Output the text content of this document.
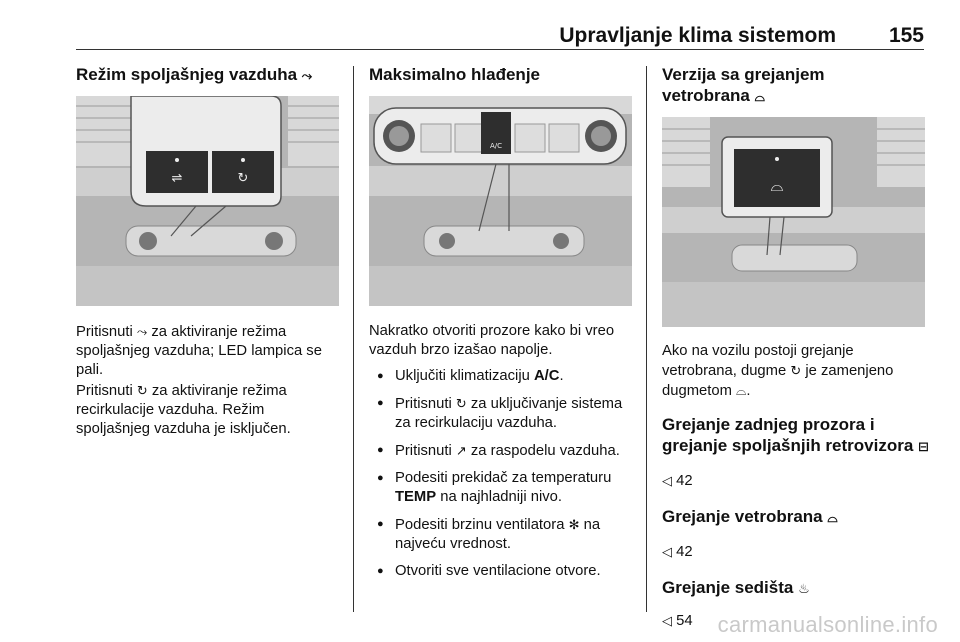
Upravljanje klima sistemom	155
Režim spoljašnjeg vazduha ⤳
⇌	↻

Pritisnuti ⤳ za aktiviranje režima spoljašnjeg vazduha; LED lampica se pali.

Pritisnuti ↻ za aktiviranje režima recirkulacije vazduha. Režim spoljašnjeg vazduha je isključen.

Maksimalno hlađenje
A/C

Nakratko otvoriti prozore kako bi vreo vazduh brzo izašao napolje.

● Uključiti klimatizaciju A/C.
● Pritisnuti ↻ za uključivanje sistema za recirkulaciju vazduha.
● Pritisnuti ↗ za raspodelu vazduha.
● Podesiti prekidač za temperaturu TEMP na najhladniji nivo.
● Podesiti brzinu ventilatora ✻ na najveću vrednost.
● Otvoriti sve ventilacione otvore.
Verzija sa grejanjem
vetrobrana ⌓
⌓

Ako na vozilu postoji grejanje vetrobrana, dugme ↻ je zamenjeno dugmetom ⌓.

Grejanje zadnjeg prozora i
grejanje spoljašnjih retrovizora ⊟

◁ 42

Grejanje vetrobrana ⌓

◁ 42

Grejanje sedišta ♨

◁ 54	carmanualsonline.info
